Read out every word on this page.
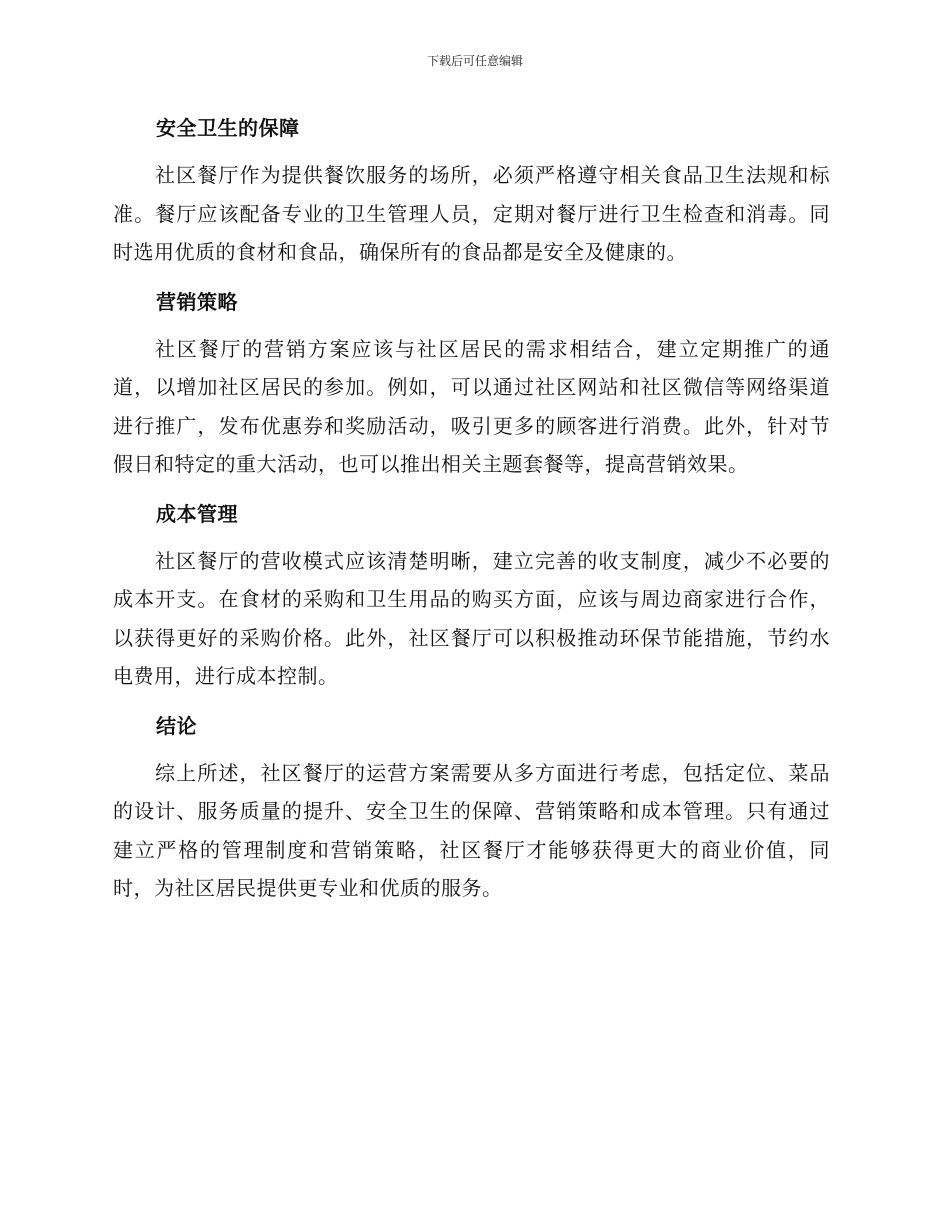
下载后可任意编辑
安全卫生的保障

社区餐厅作为提供餐饮服务的场所，必须严格遵守相关食品卫生法规和标准。餐厅应该配备专业的卫生管理人员，定期对餐厅进行卫生检查和消毒。同时选用优质的食材和食品，确保所有的食品都是安全及健康的。

营销策略

社区餐厅的营销方案应该与社区居民的需求相结合，建立定期推广的通道，以增加社区居民的参加。例如，可以通过社区网站和社区微信等网络渠道进行推广，发布优惠券和奖励活动，吸引更多的顾客进行消费。此外，针对节假日和特定的重大活动，也可以推出相关主题套餐等，提高营销效果。

成本管理

社区餐厅的营收模式应该清楚明晰，建立完善的收支制度，减少不必要的成本开支。在食材的采购和卫生用品的购买方面，应该与周边商家进行合作，以获得更好的采购价格。此外，社区餐厅可以积极推动环保节能措施，节约水电费用，进行成本控制。

结论

综上所述，社区餐厅的运营方案需要从多方面进行考虑，包括定位、菜品的设计、服务质量的提升、安全卫生的保障、营销策略和成本管理。只有通过建立严格的管理制度和营销策略，社区餐厅才能够获得更大的商业价值，同时，为社区居民提供更专业和优质的服务。
